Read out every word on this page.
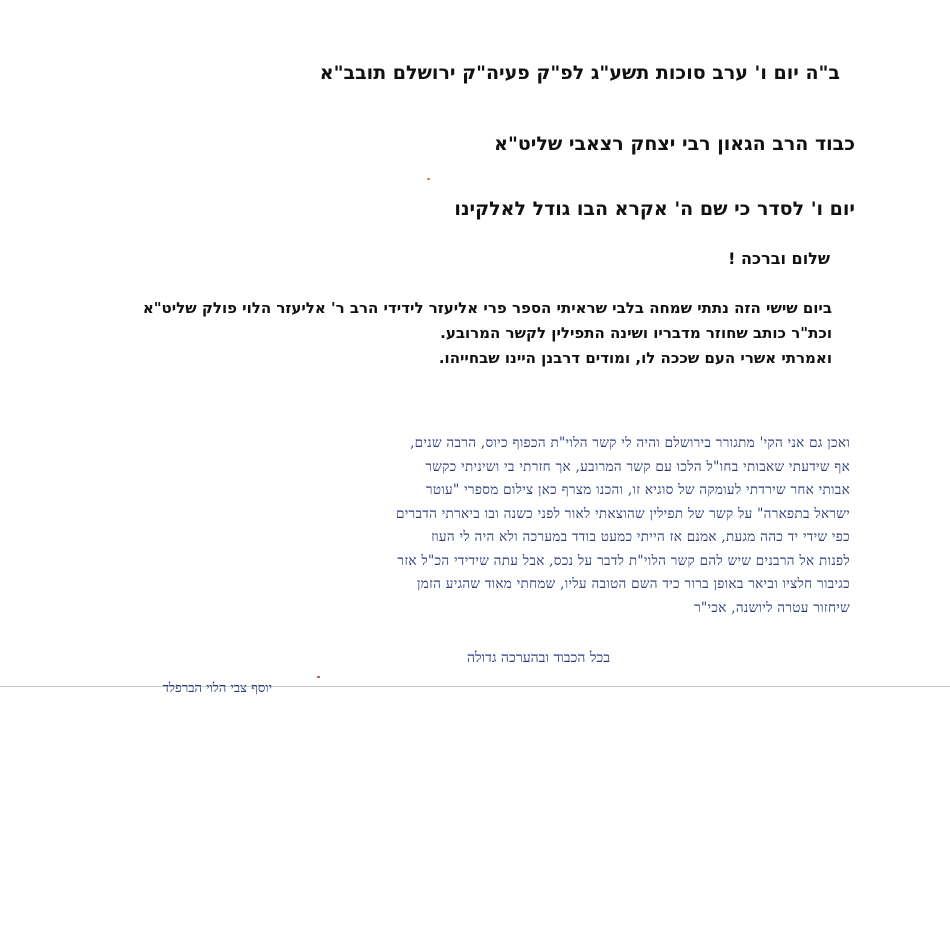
ב"ה יום ו' ערב סוכות תשע"ג לפ"ק פעיה"ק ירושלם תובב"א
כבוד הרב הגאון רבי יצחק רצאבי שליט"א
יום ו' לסדר כי שם ה' אקרא הבו גודל לאלקינו
שלום וברכה !

ביום שישי הזה נתתי שמחה בלבי שראיתי הספר פרי אליעזר לידידי הרב ר' אליעזר הלוי פולק שליט"א וכת"ר כותב שחוזר מדבריו ושינה התפילין לקשר המרובע.

ואמרתי אשרי העם שככה לו, ומודים דרבנן היינו שבחייהו.

ואכן גם אני הקי' מתגורר בירושלם והיה לי קשר הלוי"ת הכפוף כיוס, הרבה שנים,
אף שידעתי שאבותי בחו"ל הלכו עם קשר המרובע, אך חזרתי בי ושיניתי כקשר
אבותי אחר שירדתי לעומקה של סוגיא זו, והכנו מצרף כאן צילום מספרי "עוטר
ישראל בתפארה" על קשר של תפילין שהוצאתי לאור לפני כשנה ובו ביארתי הדברים
כפי שידי יד כהה מגעת, אמנם אז הייתי כמעט בודד במערכה ולא היה לי העוז
לפנות אל הרבנים שיש להם קשר הלוי"ת לדבר על נכס, אבל עתה שידידי הכ"ל אזר
כגיבור חלציו וביאר באופן ברור כיד השם הטובה עליו, שמחתי מאוד שהגיע הזמן
שיחזור עטרה ליושנה, אכי"ר
בכל הכבוד ובהערכה גדולה
יוסף צבי הלוי הברפלד
